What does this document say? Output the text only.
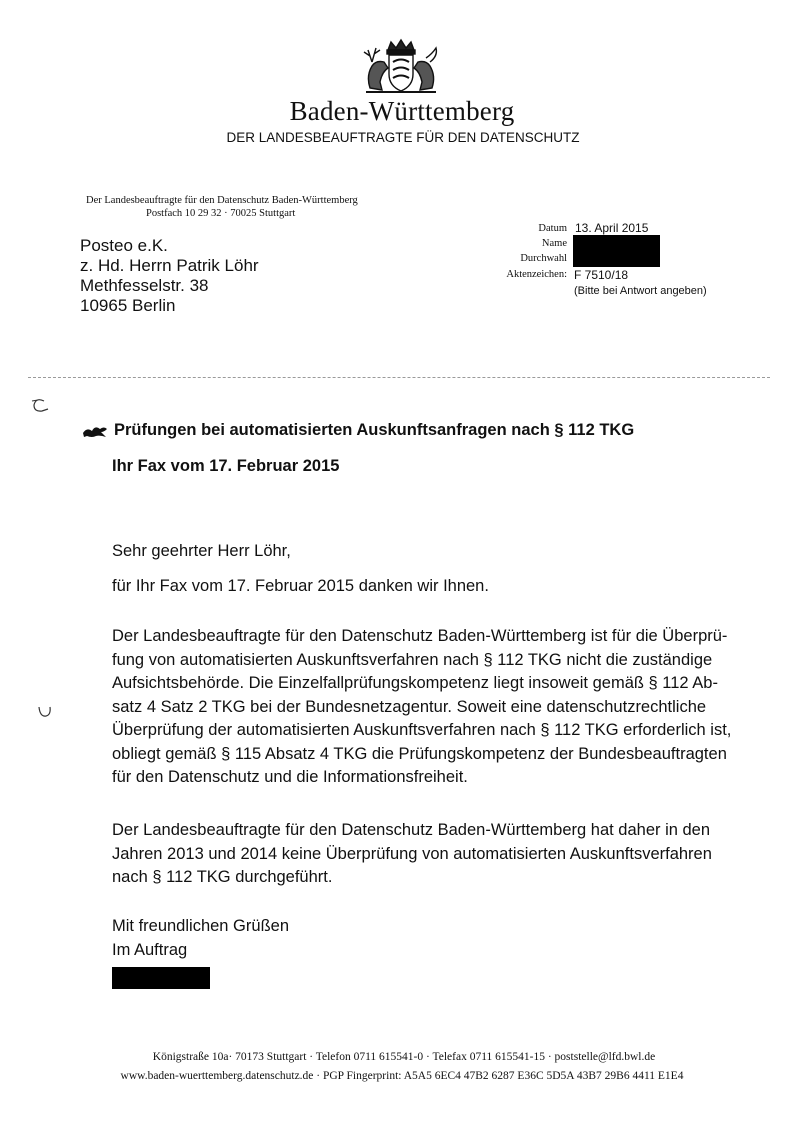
Baden-Württemberg
DER LANDESBEAUFTRAGTE FÜR DEN DATENSCHUTZ
Der Landesbeauftragte für den Datenschutz Baden-Württemberg
Postfach 10 29 32 · 70025 Stuttgart
Posteo e.K.
z. Hd. Herrn Patrik Löhr
Methfesselstr. 38
10965 Berlin
Datum 13. April 2015
Name
Durchwahl
Aktenzeichen: F 7510/18
(Bitte bei Antwort angeben)
Prüfungen bei automatisierten Auskunftsanfragen nach § 112 TKG
Ihr Fax vom 17. Februar 2015
Sehr geehrter Herr Löhr,
für Ihr Fax vom 17. Februar 2015 danken wir Ihnen.
Der Landesbeauftragte für den Datenschutz Baden-Württemberg ist für die Überprü-
fung von automatisierten Auskunftsverfahren nach § 112 TKG nicht die zuständige
Aufsichtsbehörde. Die Einzelfallprüfungskompetenz liegt insoweit gemäß § 112 Ab-
satz 4 Satz 2 TKG bei der Bundesnetzagentur. Soweit eine datenschutzrechtliche
Überprüfung der automatisierten Auskunftsverfahren nach § 112 TKG erforderlich ist,
obliegt gemäß § 115 Absatz 4 TKG die Prüfungskompetenz der Bundesbeauftragten
für den Datenschutz und die Informationsfreiheit.
Der Landesbeauftragte für den Datenschutz Baden-Württemberg hat daher in den
Jahren 2013 und 2014 keine Überprüfung von automatisierten Auskunftsverfahren
nach § 112 TKG durchgeführt.
Mit freundlichen Grüßen
Im Auftrag
Königstraße 10a· 70173 Stuttgart · Telefon 0711 615541-0 · Telefax 0711 615541-15 · poststelle@lfd.bwl.de
www.baden-wuerttemberg.datenschutz.de · PGP Fingerprint: A5A5 6EC4 47B2 6287 E36C 5D5A 43B7 29B6 4411 E1E4
